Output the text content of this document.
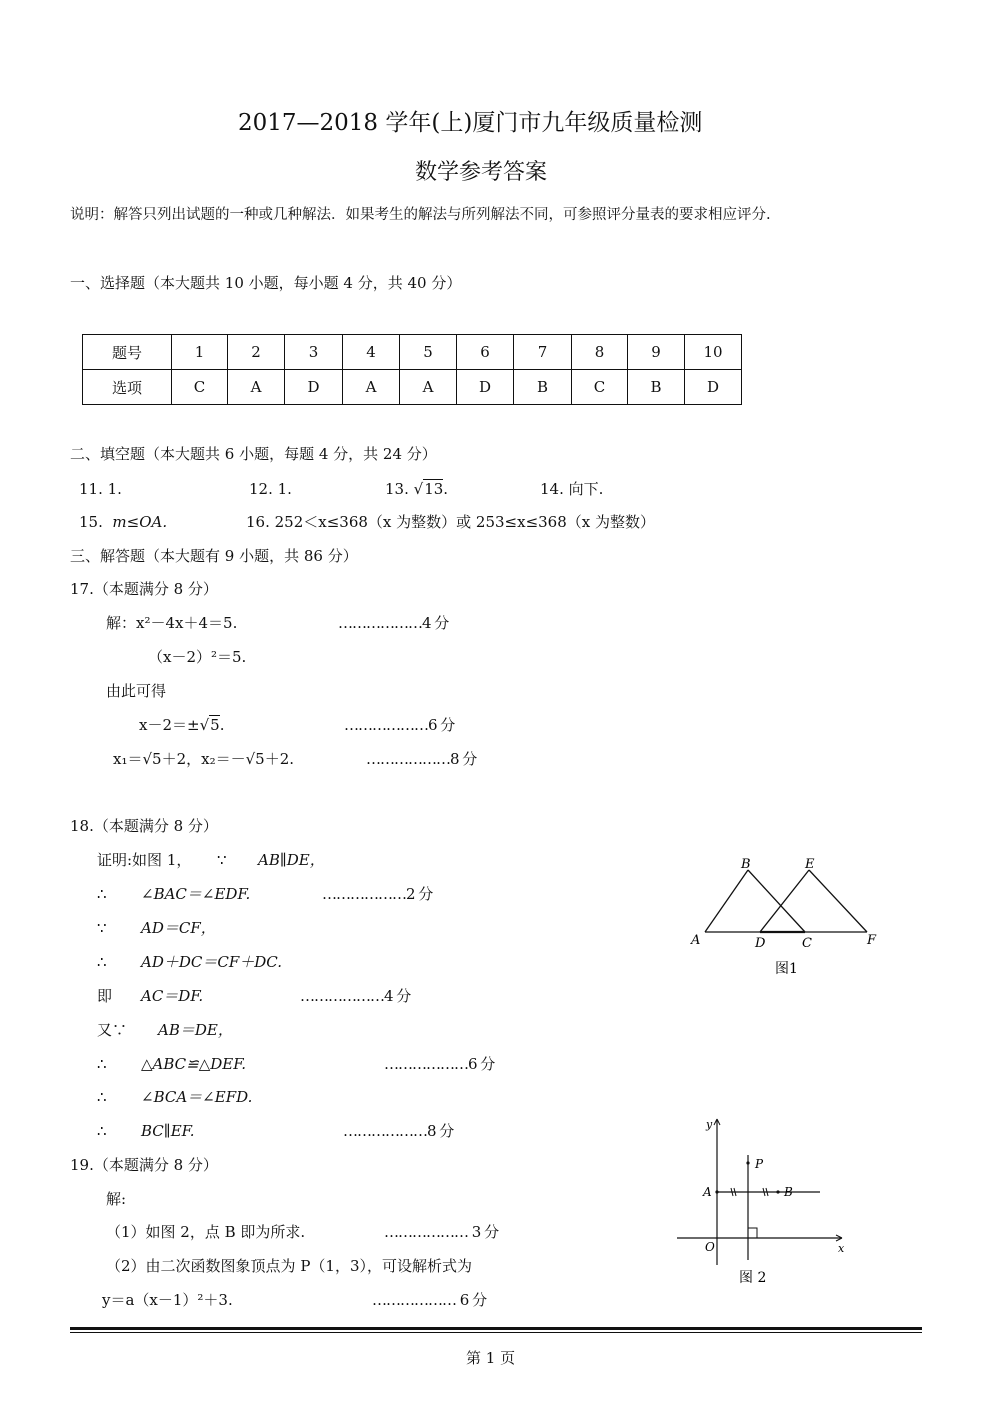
2017—2018 学年(上)厦门市九年级质量检测
数学参考答案
说明：解答只列出试题的一种或几种解法．如果考生的解法与所列解法不同，可参照评分量表的要求相应评分.
一、选择题（本大题共 10 小题，每小题 4 分，共 40 分）
题号	1	2	3	4	5	6	7	8	9	10
选项	C	A	D	A	A	D	B	C	B	D
二、填空题（本大题共 6 小题，每题 4 分，共 24 分）
11. 1.	12. 1.	13. √13.	14. 向下.
15. m≤OA.	16. 252＜x≤368（x 为整数）或 253≤x≤368（x 为整数）
三、解答题（本大题有 9 小题，共 86 分）
17.（本题满分 8 分）
解：x²－4x＋4＝5.	………………4 分
（x－2）²＝5.
由此可得
x－2＝±√5.	………………6 分
x₁＝√5＋2，x₂＝－√5＋2.	………………8 分
18.（本题满分 8 分）
证明:如图 1， ∵ AB∥DE，
∴ ∠BAC＝∠EDF.	………………2 分
∵ AD＝CF，
∴ AD＋DC＝CF＋DC.
即 AC＝DF.	………………4 分
又∵ AB＝DE，
∴ △ABC≌△DEF.	………………6 分
∴ ∠BCA＝∠EFD.
∴ BC∥EF.	………………8 分
19.（本题满分 8 分）
解:
（1）如图 2，点 B 即为所求.	……………… 3 分
（2）由二次函数图象顶点为 P（1，3），可设解析式为
y＝a（x－1）²＋3.	……………… 6 分
B	E
A	D	C	F
图1
y
x
O
A	B
P
图 2
第 1 页
